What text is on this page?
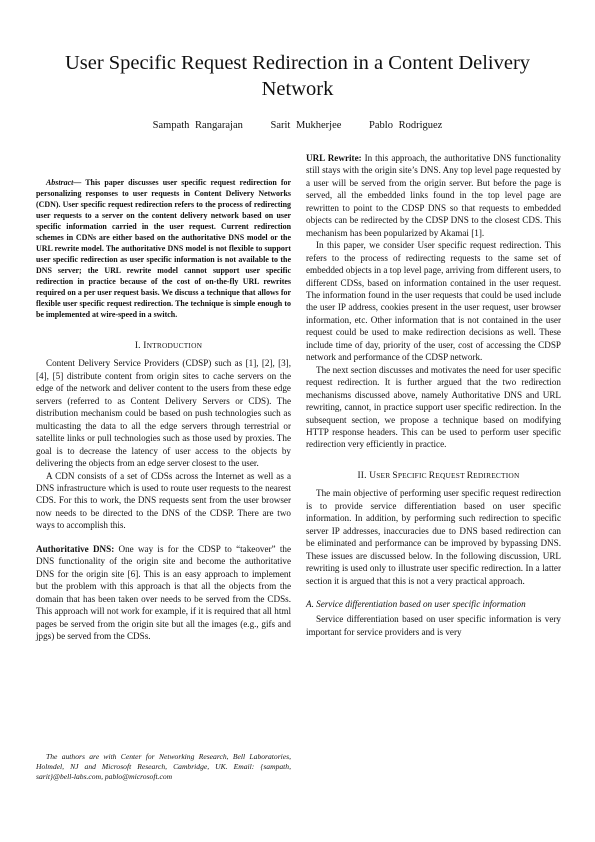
User Specific Request Redirection in a Content Delivery Network
Sampath Rangarajan	Sarit Mukherjee	Pablo Rodriguez

Abstract— This paper discusses user specific request redirection for personalizing responses to user requests in Content Delivery Networks (CDN). User specific request redirection refers to the process of redirecting user requests to a server on the content delivery network based on user specific information carried in the user request. Current redirection schemes in CDNs are either based on the authoritative DNS model or the URL rewrite model. The authoritative DNS model is not flexible to support user specific redirection as user specific information is not available to the DNS server; the URL rewrite model cannot support user specific redirection in practice because of the cost of on-the-fly URL rewrites required on a per user request basis. We discuss a technique that allows for flexible user specific request redirection. The technique is simple enough to be implemented at wire-speed in a switch.

I. INTRODUCTION

Content Delivery Service Providers (CDSP) such as [1], [2], [3], [4], [5] distribute content from origin sites to cache servers on the edge of the network and deliver content to the users from these edge servers (referred to as Content Delivery Servers or CDS). The distribution mechanism could be based on push technologies such as multicasting the data to all the edge servers through terrestrial or satellite links or pull technologies such as those used by proxies. The goal is to decrease the latency of user access to the objects by delivering the objects from an edge server closest to the user.

A CDN consists of a set of CDSs across the Internet as well as a DNS infrastructure which is used to route user requests to the nearest CDS. For this to work, the DNS requests sent from the user browser now needs to be directed to the DNS of the CDSP. There are two ways to accomplish this.

Authoritative DNS: One way is for the CDSP to “takeover” the DNS functionality of the origin site and become the authoritative DNS for the origin site [6]. This is an easy approach to implement but the problem with this approach is that all the objects from the domain that has been taken over needs to be served from the CDSs. This approach will not work for example, if it is required that all html pages be served from the origin site but all the images (e.g., gifs and jpgs) be served from the CDSs.

The authors are with Center for Networking Research, Bell Laboratories, Holmdel, NJ and Microsoft Research, Cambridge, UK. Email: {sampath, sarit}@bell-labs.com, pablo@microsoft.com

URL Rewrite: In this approach, the authoritative DNS functionality still stays with the origin site’s DNS. Any top level page requested by a user will be served from the origin server. But before the page is served, all the embedded links found in the top level page are rewritten to point to the CDSP DNS so that requests to embedded objects can be redirected by the CDSP DNS to the closest CDS. This mechanism has been popularized by Akamai [1].

In this paper, we consider User specific request redirection. This refers to the process of redirecting requests to the same set of embedded objects in a top level page, arriving from different users, to different CDSs, based on information contained in the user request. The information found in the user requests that could be used include the user IP address, cookies present in the user request, user browser information, etc. Other information that is not contained in the user request could be used to make redirection decisions as well. These include time of day, priority of the user, cost of accessing the CDSP network and performance of the CDSP network.

The next section discusses and motivates the need for user specific request redirection. It is further argued that the two redirection mechanisms discussed above, namely Authoritative DNS and URL rewriting, cannot, in practice support user specific redirection. In the subsequent section, we propose a technique based on modifying HTTP response headers. This can be used to perform user specific redirection very efficiently in practice.

II. USER SPECIFIC REQUEST REDIRECTION

The main objective of performing user specific request redirection is to provide service differentiation based on user specific information. In addition, by performing such redirection to specific server IP addresses, inaccuracies due to DNS based redirection can be eliminated and performance can be improved by bypassing DNS. These issues are discussed below. In the following discussion, URL rewriting is used only to illustrate user specific redirection. In a latter section it is argued that this is not a very practical approach.

A. Service differentiation based on user specific information

Service differentiation based on user specific information is very important for service providers and is very
